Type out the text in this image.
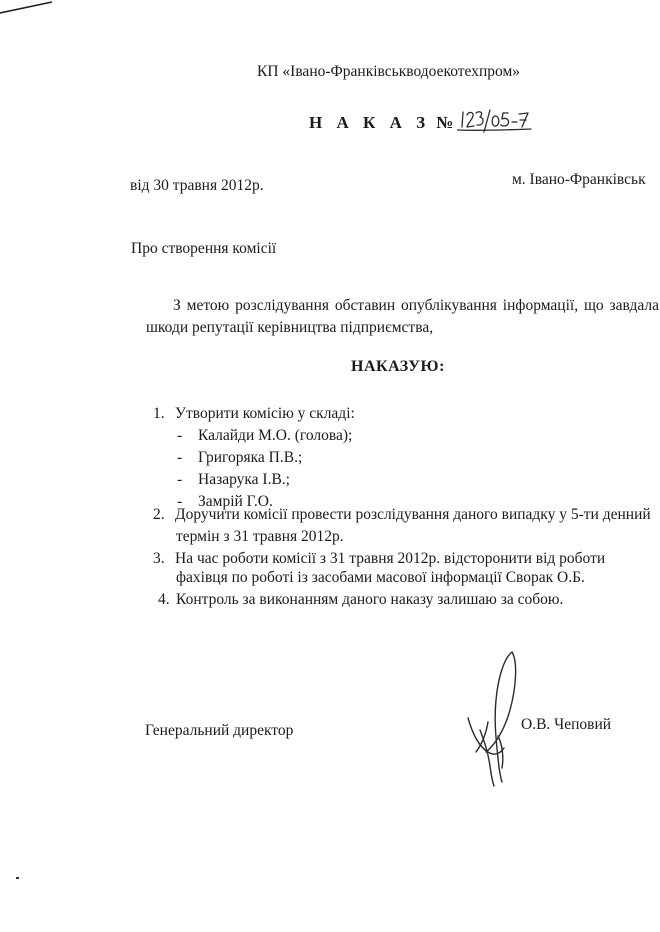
КП «Івано-Франківськводоекотехпром»
Н А К А З №
від 30 травня 2012р.	м. Івано-Франківськ
Про створення комісії
З метою розслідування обставин опублікування інформації, що завдала
шкоди репутації керівництва підприємства,
НАКАЗУЮ:
1. Утворити комісію у складі:
- Калайди М.О. (голова);
- Григоряка П.В.;
- Назарука І.В.;
- Замрій Г.О.
2. Доручити комісії провести розслідування даного випадку у 5-ти денний
термін з 31 травня 2012р.
3. На час роботи комісії з 31 травня 2012р. відсторонити від роботи
фахівця по роботі із засобами масової інформації Сворак О.Б.
4. Контроль за виконанням даного наказу залишаю за собою.
Генеральний директор	О.В. Чеповий
